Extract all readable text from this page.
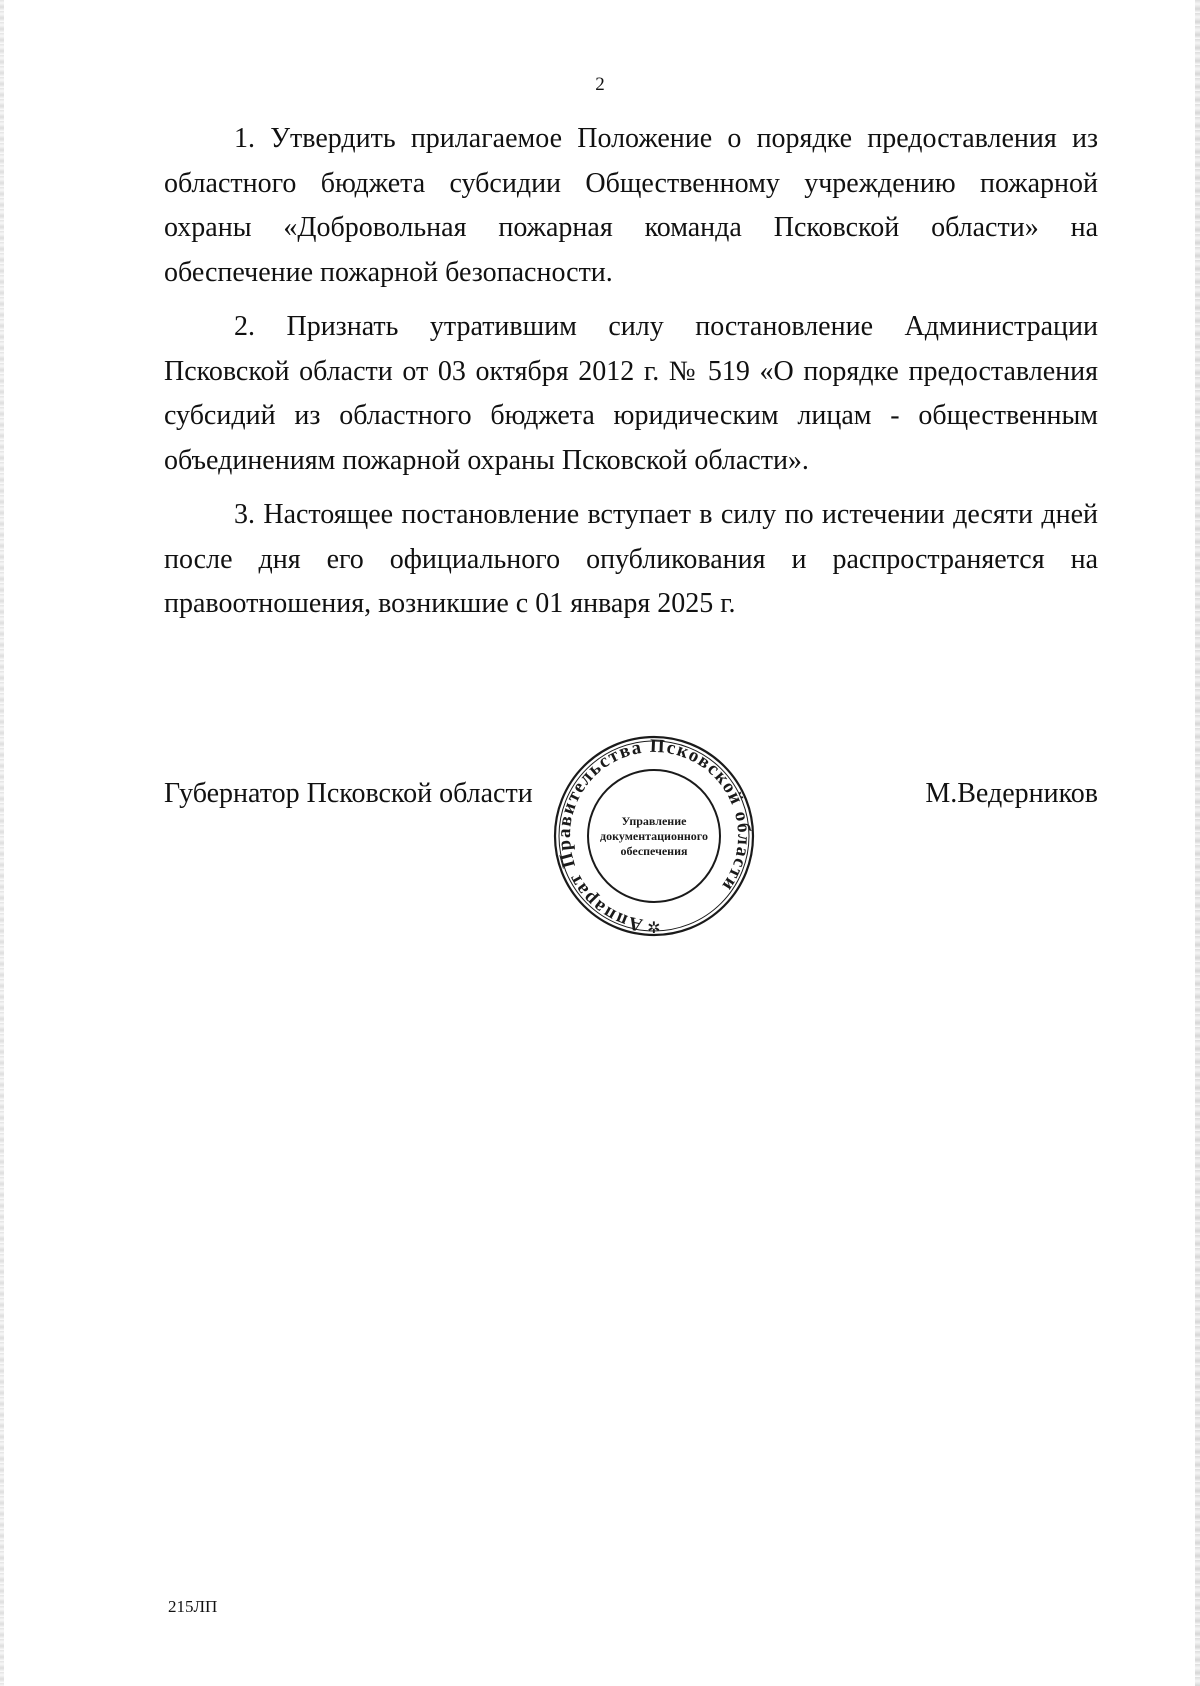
2

1. Утвердить прилагаемое Положение о порядке предоставления из областного бюджета субсидии Общественному учреждению пожарной охраны «Добровольная пожарная команда Псковской области» на обеспечение пожарной безопасности.

2. Признать утратившим силу постановление Администрации Псковской области от 03 октября 2012 г. № 519 «О порядке предоставления субсидий из областного бюджета юридическим лицам - общественным объединениям пожарной охраны Псковской области».

3. Настоящее постановление вступает в силу по истечении десяти дней после дня его официального опубликования и распространяется на правоотношения, возникшие с 01 января 2025 г.

Губернатор Псковской области	М.Ведерников
Аппарат Правительства Псковской области
Управление
документационного
обеспечения
✲
215ЛП
